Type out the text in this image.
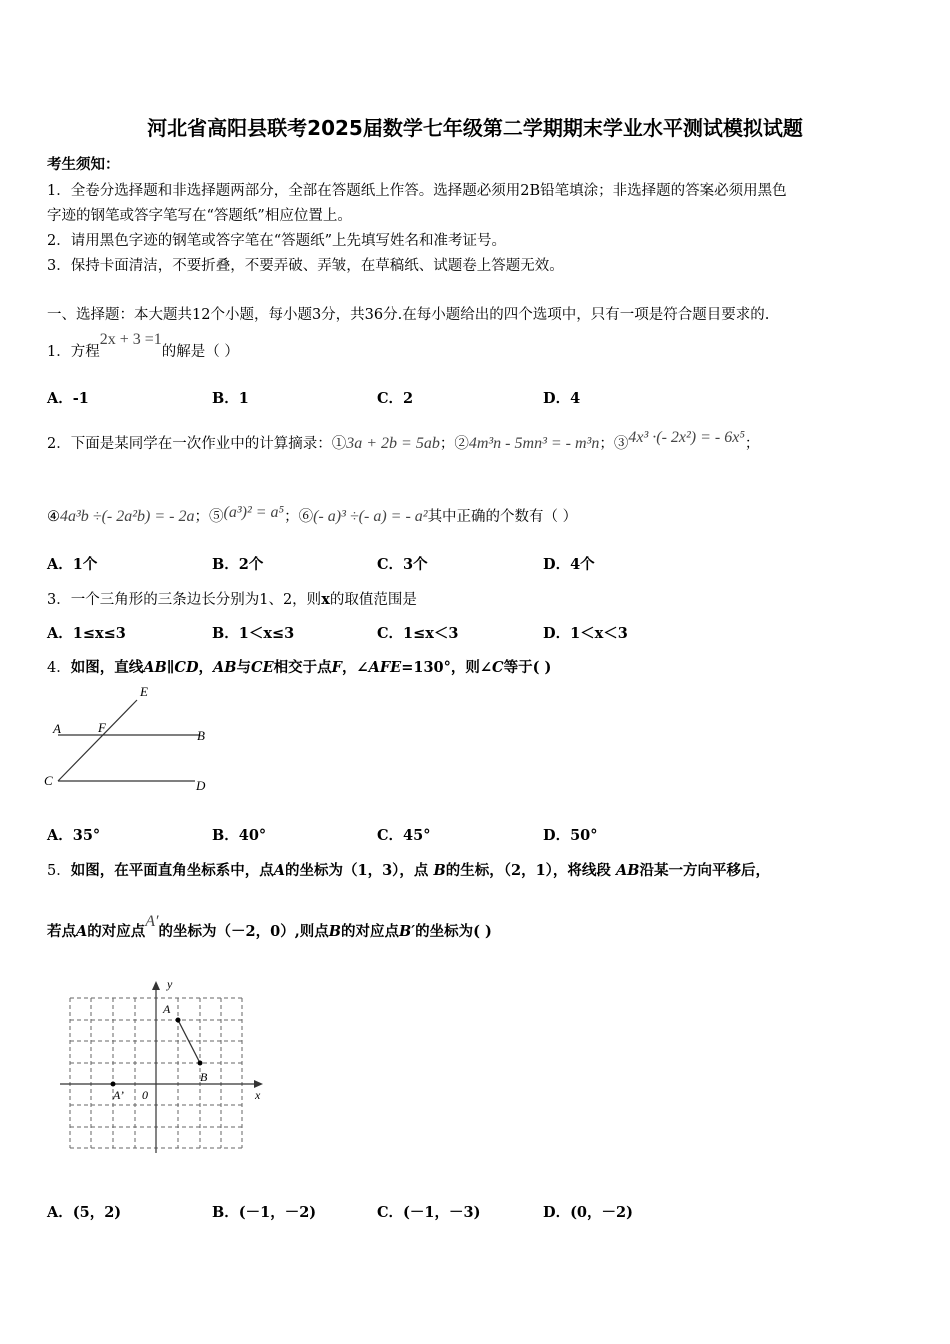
河北省高阳县联考2025届数学七年级第二学期期末学业水平测试模拟试题
考生须知：
1．全卷分选择题和非选择题两部分，全部在答题纸上作答。选择题必须用2B铅笔填涂；非选择题的答案必须用黑色
字迹的钢笔或答字笔写在“答题纸”相应位置上。
2．请用黑色字迹的钢笔或答字笔在“答题纸”上先填写姓名和准考证号。
3．保持卡面清洁，不要折叠，不要弄破、弄皱，在草稿纸、试题卷上答题无效。
一、选择题：本大题共12个小题，每小题3分，共36分.在每小题给出的四个选项中，只有一项是符合题目要求的.
1．方程2x + 3 =1的解是（ ）
A．-1	B．1	C．2	D．4
2．下面是某同学在一次作业中的计算摘录：①3a + 2b = 5ab；②4m³n - 5mn³ = - m³n；③4x³ ·(- 2x²) = - 6x⁵；
④4a³b ÷(- 2a²b) = - 2a；⑤(a³)² = a⁵；⑥(- a)³ ÷(- a) = - a²其中正确的个数有（ ）
A．1个	B．2个	C．3个	D．4个
3．一个三角形的三条边长分别为1、2，则x的取值范围是
A．1≤x≤3	B．1＜x≤3	C．1≤x＜3	D．1＜x＜3
4．如图，直线AB∥CD，AB与CE相交于点F，∠AFE=130°，则∠C等于( )
E
A	F
B
C	D
A．35°	B．40°	C．45°	D．50°
5．如图，在平面直角坐标系中，点A的坐标为（1，3），点 B的生标，（2，1），将线段 AB沿某一方向平移后，
若点A的对应点A′的坐标为（－2，0）,则点B的对应点B′的坐标为( )
y
x
A
B
0
A’
A．(5，2)	B．(－1，－2)	C．(－1，－3)	D．(0，－2)
